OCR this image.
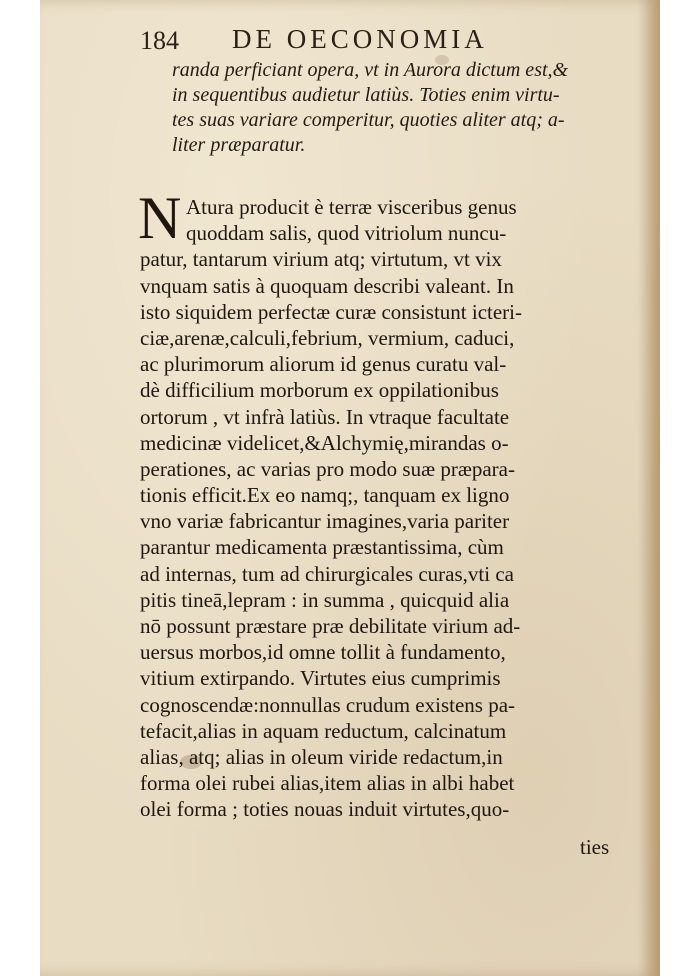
184 DE OECONOMIA
randa perficiant opera, vt in Aurora dictum est,&
in sequentibus audietur latiùs. Toties enim virtu-
tes suas variare comperitur, quoties aliter atq; a-
liter præparatur.
N Atura producit è terræ visceribus genus
quoddam salis, quod vitriolum nuncu-
patur, tantarum virium atq; virtutum, vt vix
vnquam satis à quoquam describi valeant. In
isto siquidem perfectæ curæ consistunt icteri-
ciæ,arenæ,calculi,febrium, vermium, caduci,
ac plurimorum aliorum id genus curatu val-
dè difficilium morborum ex oppilationibus
ortorum , vt infrà latiùs. In vtraque facultate
medicinæ videlicet,&Alchymię,mirandas o-
perationes, ac varias pro modo suæ præpara-
tionis efficit.Ex eo namq;, tanquam ex ligno
vno variæ fabricantur imagines,varia pariter
parantur medicamenta præstantissima, cùm
ad internas, tum ad chirurgicales curas,vti ca
pitis tineā,lepram : in summa , quicquid alia
nō possunt præstare præ debilitate virium ad-
uersus morbos,id omne tollit à fundamento,
vitium extirpando. Virtutes eius cumprimis
cognoscendæ:nonnullas crudum existens pa-
tefacit,alias in aquam reductum, calcinatum
alias, atq; alias in oleum viride redactum,in
forma olei rubei alias,item alias in albi habet
olei forma ; toties nouas induit virtutes,quo-
ties
